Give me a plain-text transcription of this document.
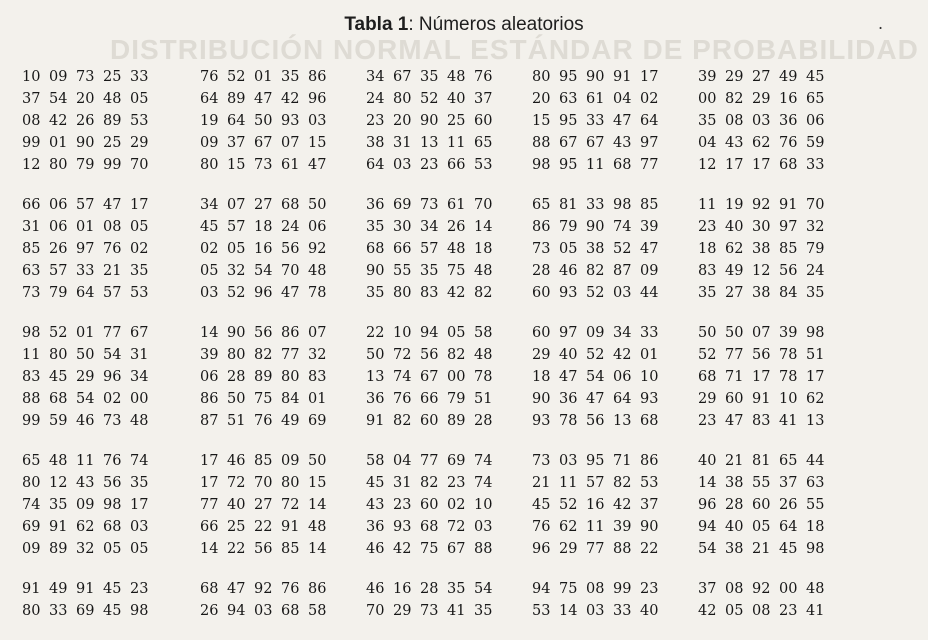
DISTRIBUCIÓN NORMAL ESTÁNDAR DE PROBABILIDAD
Tabla 1: Números aleatorios	.
10 09 73 25 33	76 52 01 35 86	34 67 35 48 76	80 95 90 91 17	39 29 27 49 45
37 54 20 48 05	64 89 47 42 96	24 80 52 40 37	20 63 61 04 02	00 82 29 16 65
08 42 26 89 53	19 64 50 93 03	23 20 90 25 60	15 95 33 47 64	35 08 03 36 06
99 01 90 25 29	09 37 67 07 15	38 31 13 11 65	88 67 67 43 97	04 43 62 76 59
12 80 79 99 70	80 15 73 61 47	64 03 23 66 53	98 95 11 68 77	12 17 17 68 33
66 06 57 47 17	34 07 27 68 50	36 69 73 61 70	65 81 33 98 85	11 19 92 91 70
31 06 01 08 05	45 57 18 24 06	35 30 34 26 14	86 79 90 74 39	23 40 30 97 32
85 26 97 76 02	02 05 16 56 92	68 66 57 48 18	73 05 38 52 47	18 62 38 85 79
63 57 33 21 35	05 32 54 70 48	90 55 35 75 48	28 46 82 87 09	83 49 12 56 24
73 79 64 57 53	03 52 96 47 78	35 80 83 42 82	60 93 52 03 44	35 27 38 84 35
98 52 01 77 67	14 90 56 86 07	22 10 94 05 58	60 97 09 34 33	50 50 07 39 98
11 80 50 54 31	39 80 82 77 32	50 72 56 82 48	29 40 52 42 01	52 77 56 78 51
83 45 29 96 34	06 28 89 80 83	13 74 67 00 78	18 47 54 06 10	68 71 17 78 17
88 68 54 02 00	86 50 75 84 01	36 76 66 79 51	90 36 47 64 93	29 60 91 10 62
99 59 46 73 48	87 51 76 49 69	91 82 60 89 28	93 78 56 13 68	23 47 83 41 13
65 48 11 76 74	17 46 85 09 50	58 04 77 69 74	73 03 95 71 86	40 21 81 65 44
80 12 43 56 35	17 72 70 80 15	45 31 82 23 74	21 11 57 82 53	14 38 55 37 63
74 35 09 98 17	77 40 27 72 14	43 23 60 02 10	45 52 16 42 37	96 28 60 26 55
69 91 62 68 03	66 25 22 91 48	36 93 68 72 03	76 62 11 39 90	94 40 05 64 18
09 89 32 05 05	14 22 56 85 14	46 42 75 67 88	96 29 77 88 22	54 38 21 45 98
91 49 91 45 23	68 47 92 76 86	46 16 28 35 54	94 75 08 99 23	37 08 92 00 48
80 33 69 45 98	26 94 03 68 58	70 29 73 41 35	53 14 03 33 40	42 05 08 23 41
